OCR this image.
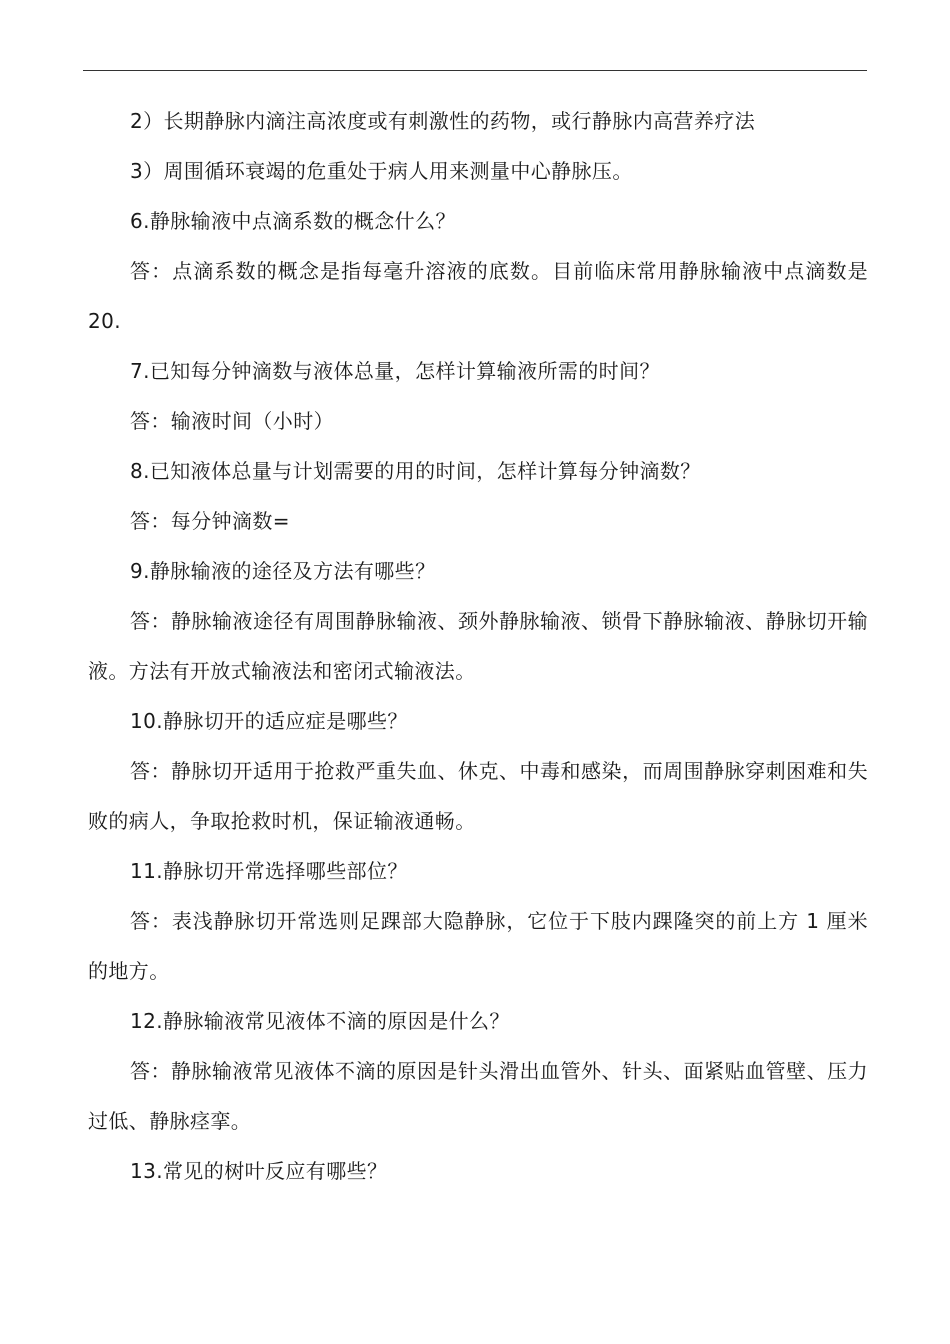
2）长期静脉内滴注高浓度或有刺激性的药物，或行静脉内高营养疗法

3）周围循环衰竭的危重处于病人用来测量中心静脉压。

6.静脉输液中点滴系数的概念什么？

答：点滴系数的概念是指每毫升溶液的底数。目前临床常用静脉输液中点滴数是 20.

7.已知每分钟滴数与液体总量，怎样计算输液所需的时间？

答：输液时间（小时）

8.已知液体总量与计划需要的用的时间，怎样计算每分钟滴数？

答：每分钟滴数=

9.静脉输液的途径及方法有哪些？

答：静脉输液途径有周围静脉输液、颈外静脉输液、锁骨下静脉输液、静脉切开输液。方法有开放式输液法和密闭式输液法。

10.静脉切开的适应症是哪些？

答：静脉切开适用于抢救严重失血、休克、中毒和感染，而周围静脉穿刺困难和失败的病人，争取抢救时机，保证输液通畅。

11.静脉切开常选择哪些部位？

答：表浅静脉切开常选则足踝部大隐静脉，它位于下肢内踝隆突的前上方 1 厘米的地方。

12.静脉输液常见液体不滴的原因是什么？

答：静脉输液常见液体不滴的原因是针头滑出血管外、针头、面紧贴血管壁、压力过低、静脉痉挛。

13.常见的树叶反应有哪些？
